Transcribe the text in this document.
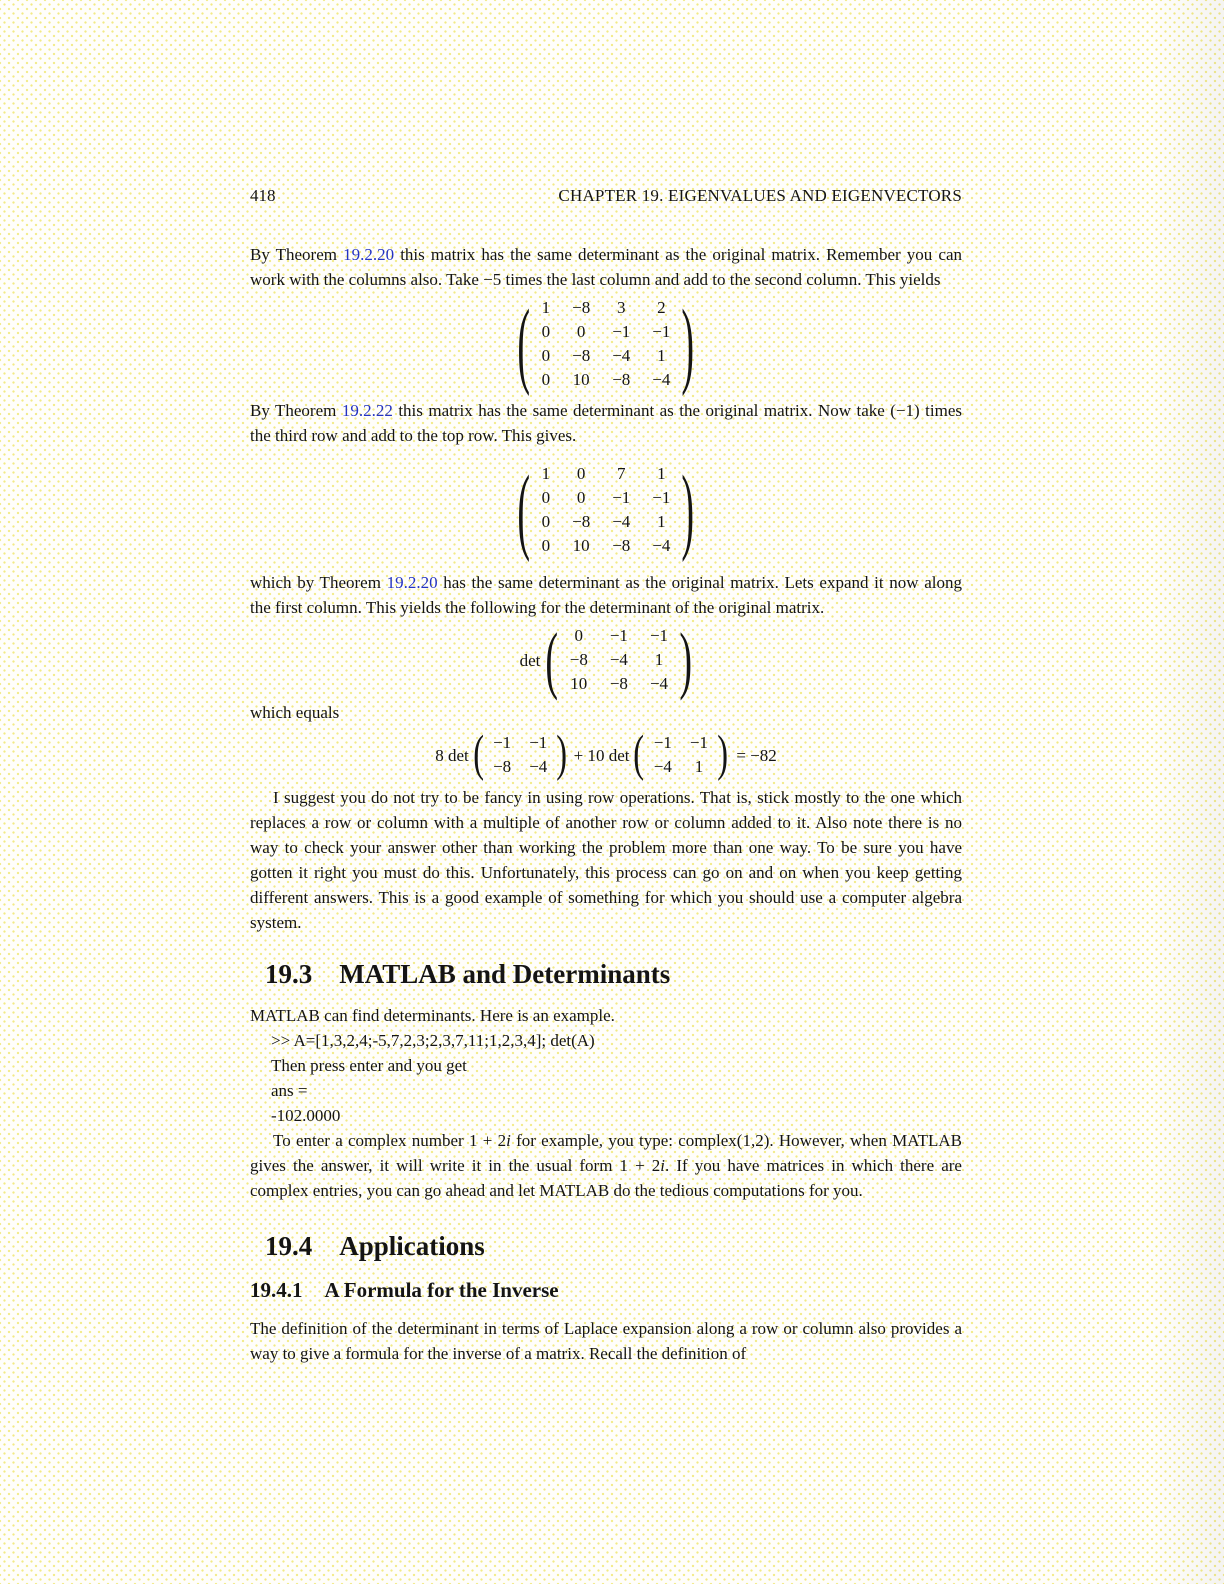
418	CHAPTER 19. EIGENVALUES AND EIGENVECTORS

By Theorem 19.2.20 this matrix has the same determinant as the original matrix. Remember you can work with the columns also. Take −5 times the last column and add to the second column. This yields

( 1	−8	3	2
0	0	−1	−1
0	−8	−4	1
0	10	−8	−4 )

By Theorem 19.2.22 this matrix has the same determinant as the original matrix. Now take (−1) times the third row and add to the top row. This gives.

( 1	0	7	1
0	0	−1	−1
0	−8	−4	1
0	10	−8	−4 )

which by Theorem 19.2.20 has the same determinant as the original matrix. Lets expand it now along the first column. This yields the following for the determinant of the original matrix.

det ( 0	−1	−1
−8	−4	1
10	−8	−4 )

which equals

8 det ( −1	−1
−8	−4 ) + 10 det ( −1	−1
−4	1 ) = −82

I suggest you do not try to be fancy in using row operations. That is, stick mostly to the one which replaces a row or column with a multiple of another row or column added to it. Also note there is no way to check your answer other than working the problem more than one way. To be sure you have gotten it right you must do this. Unfortunately, this process can go on and on when you keep getting different answers. This is a good example of something for which you should use a computer algebra system.

19.3 MATLAB and Determinants

MATLAB can find determinants. Here is an example.

>> A=[1,3,2,4;-5,7,2,3;2,3,7,11;1,2,3,4]; det(A)
Then press enter and you get
ans =
-102.0000

To enter a complex number 1 + 2i for example, you type: complex(1,2). However, when MATLAB gives the answer, it will write it in the usual form 1 + 2i. If you have matrices in which there are complex entries, you can go ahead and let MATLAB do the tedious computations for you.

19.4 Applications
19.4.1 A Formula for the Inverse

The definition of the determinant in terms of Laplace expansion along a row or column also provides a way to give a formula for the inverse of a matrix. Recall the definition of
